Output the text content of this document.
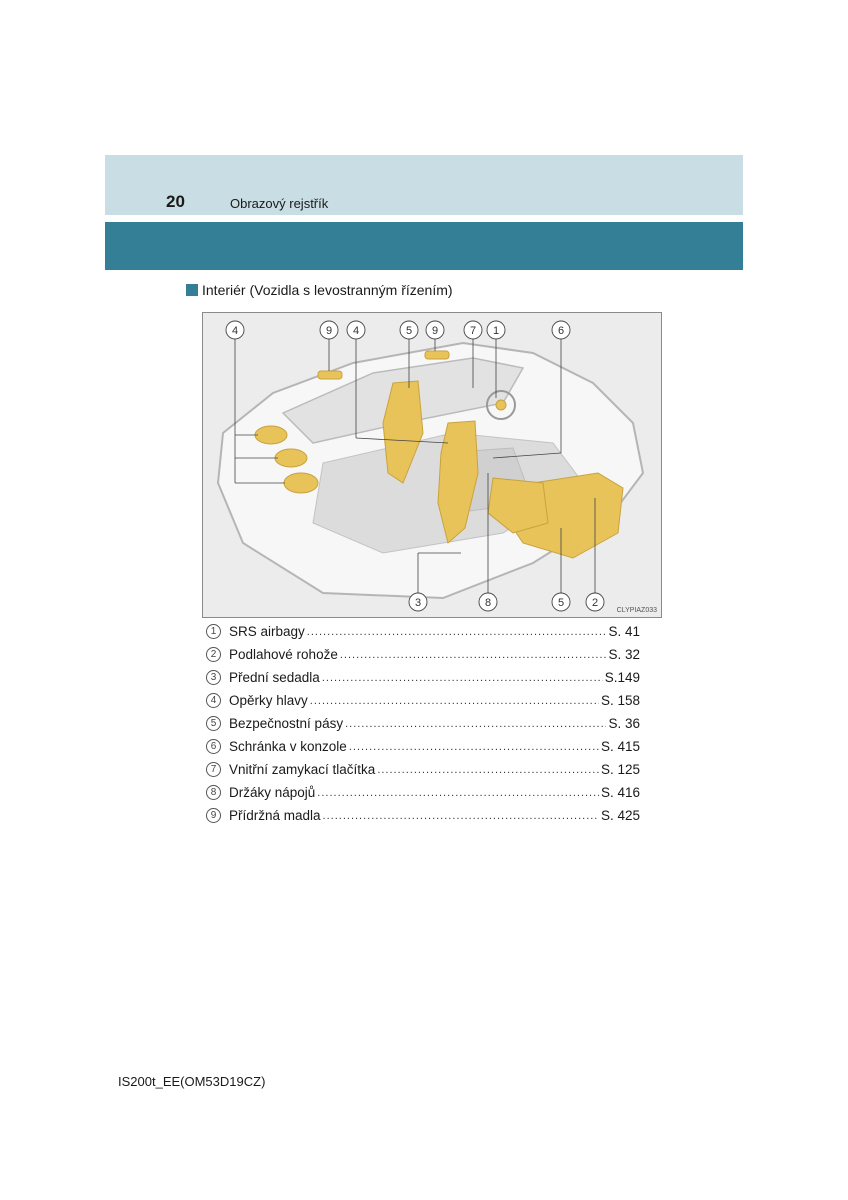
20	Obrazový rejstřík
Interiér (Vozidla s levostranným řízením)
4	9 4	5 9	7 1	6
3	8	5	2
CLYPIAZ033
1 SRS airbagy .....	S. 41
2 Podlahové rohože .....	S. 32
3 Přední sedadla .....	S.149
4 Opěrky hlavy .....	S. 158
5 Bezpečnostní pásy .....	S. 36
6 Schránka v konzole .....	S. 415
7 Vnitřní zamykací tlačítka .....	S. 125
8 Držáky nápojů .....	S. 416
9 Přídržná madla .....	S. 425
IS200t_EE(OM53D19CZ)
